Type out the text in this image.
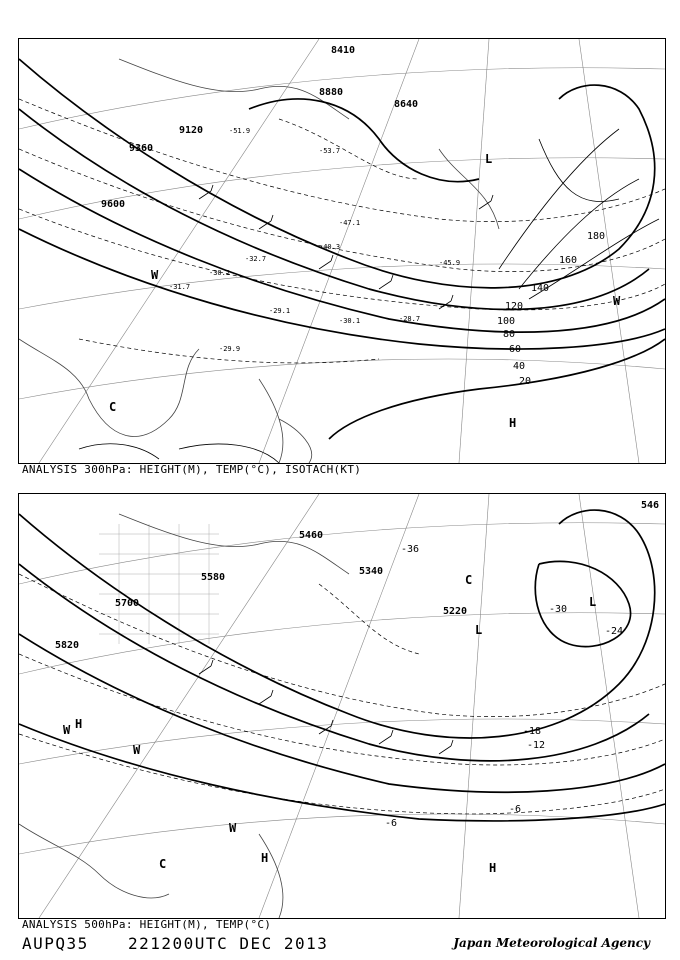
8880
8640
9120
9360
9600
8410
20
40
60
80
100
120
140
160
180
-51.9
-53.7
-47.1
-45.9
-40.3
-32.7
-30.2
-29.1
-28.7
-30.1
-29.9
-31.7
L
H
C
W
W
ANALYSIS 300hPa: HEIGHT(M), TEMP(°C), ISOTACH(KT)
5460
5580
5700
5820
5340
5220
546
-36
-30
-24
-18
-12
-6
-6
L
L
H
H
H
W
W
W
C
C
ANALYSIS 500hPa: HEIGHT(M), TEMP(°C)
AUPQ35 221200UTC DEC 2013	Japan Meteorological Agency
